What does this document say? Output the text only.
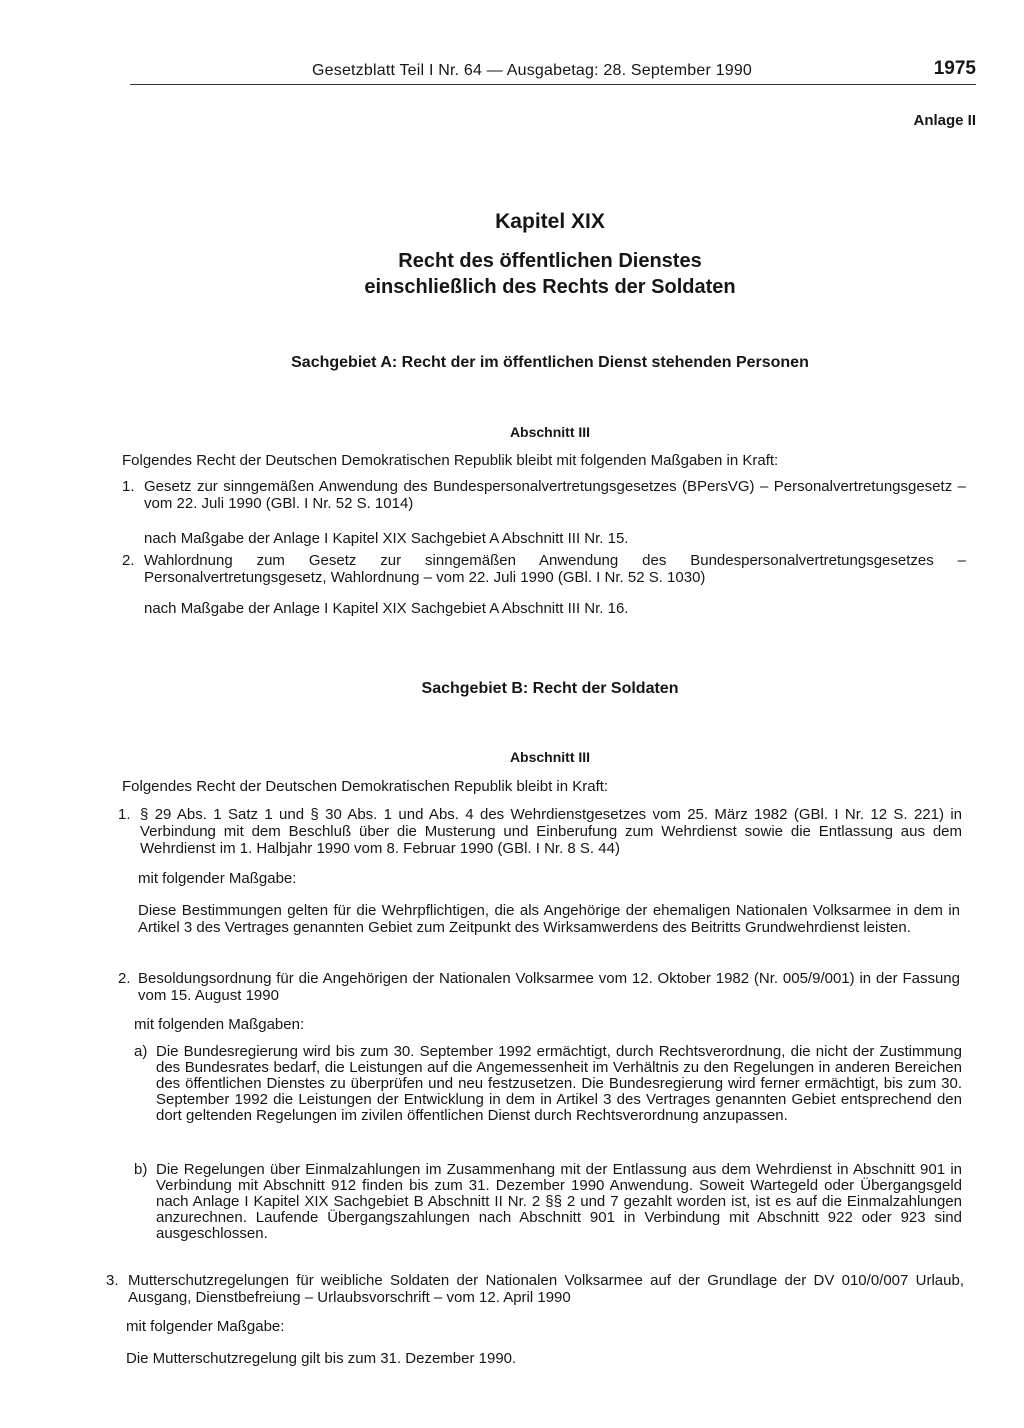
Gesetzblatt Teil I Nr. 64 — Ausgabetag: 28. September 1990	1975
Anlage II
Kapitel XIX
Recht des öffentlichen Dienstes
einschließlich des Rechts der Soldaten
Sachgebiet A: Recht der im öffentlichen Dienst stehenden Personen
Abschnitt III
Folgendes Recht der Deutschen Demokratischen Republik bleibt mit folgenden Maßgaben in Kraft:
1. Gesetz zur sinngemäßen Anwendung des Bundespersonalvertretungsgesetzes (BPersVG) – Personalvertretungsgesetz – vom 22. Juli 1990 (GBl. I Nr. 52 S. 1014)
nach Maßgabe der Anlage I Kapitel XIX Sachgebiet A Abschnitt III Nr. 15.
2. Wahlordnung zum Gesetz zur sinngemäßen Anwendung des Bundespersonalvertretungsgesetzes – Personalvertretungsgesetz, Wahlordnung – vom 22. Juli 1990 (GBl. I Nr. 52 S. 1030)
nach Maßgabe der Anlage I Kapitel XIX Sachgebiet A Abschnitt III Nr. 16.
Sachgebiet B: Recht der Soldaten
Abschnitt III
Folgendes Recht der Deutschen Demokratischen Republik bleibt in Kraft:
1. § 29 Abs. 1 Satz 1 und § 30 Abs. 1 und Abs. 4 des Wehrdienstgesetzes vom 25. März 1982 (GBl. I Nr. 12 S. 221) in Verbindung mit dem Beschluß über die Musterung und Einberufung zum Wehrdienst sowie die Entlassung aus dem Wehrdienst im 1. Halbjahr 1990 vom 8. Februar 1990 (GBl. I Nr. 8 S. 44)
mit folgender Maßgabe:
Diese Bestimmungen gelten für die Wehrpflichtigen, die als Angehörige der ehemaligen Nationalen Volksarmee in dem in Artikel 3 des Vertrages genannten Gebiet zum Zeitpunkt des Wirksamwerdens des Beitritts Grundwehrdienst leisten.
2. Besoldungsordnung für die Angehörigen der Nationalen Volksarmee vom 12. Oktober 1982 (Nr. 005/9/001) in der Fassung vom 15. August 1990
mit folgenden Maßgaben:
a) Die Bundesregierung wird bis zum 30. September 1992 ermächtigt, durch Rechtsverordnung, die nicht der Zustimmung des Bundesrates bedarf, die Leistungen auf die Angemessenheit im Verhältnis zu den Regelungen in anderen Bereichen des öffentlichen Dienstes zu überprüfen und neu festzusetzen. Die Bundesregierung wird ferner ermächtigt, bis zum 30. September 1992 die Leistungen der Entwicklung in dem in Artikel 3 des Vertrages genannten Gebiet entsprechend den dort geltenden Regelungen im zivilen öffentlichen Dienst durch Rechtsverordnung anzupassen.
b) Die Regelungen über Einmalzahlungen im Zusammenhang mit der Entlassung aus dem Wehrdienst in Abschnitt 901 in Verbindung mit Abschnitt 912 finden bis zum 31. Dezember 1990 Anwendung. Soweit Wartegeld oder Übergangsgeld nach Anlage I Kapitel XIX Sachgebiet B Abschnitt II Nr. 2 §§ 2 und 7 gezahlt worden ist, ist es auf die Einmalzahlungen anzurechnen. Laufende Übergangszahlungen nach Abschnitt 901 in Verbindung mit Abschnitt 922 oder 923 sind ausgeschlossen.
3. Mutterschutzregelungen für weibliche Soldaten der Nationalen Volksarmee auf der Grundlage der DV 010/0/007 Urlaub, Ausgang, Dienstbefreiung – Urlaubsvorschrift – vom 12. April 1990
mit folgender Maßgabe:
Die Mutterschutzregelung gilt bis zum 31. Dezember 1990.
